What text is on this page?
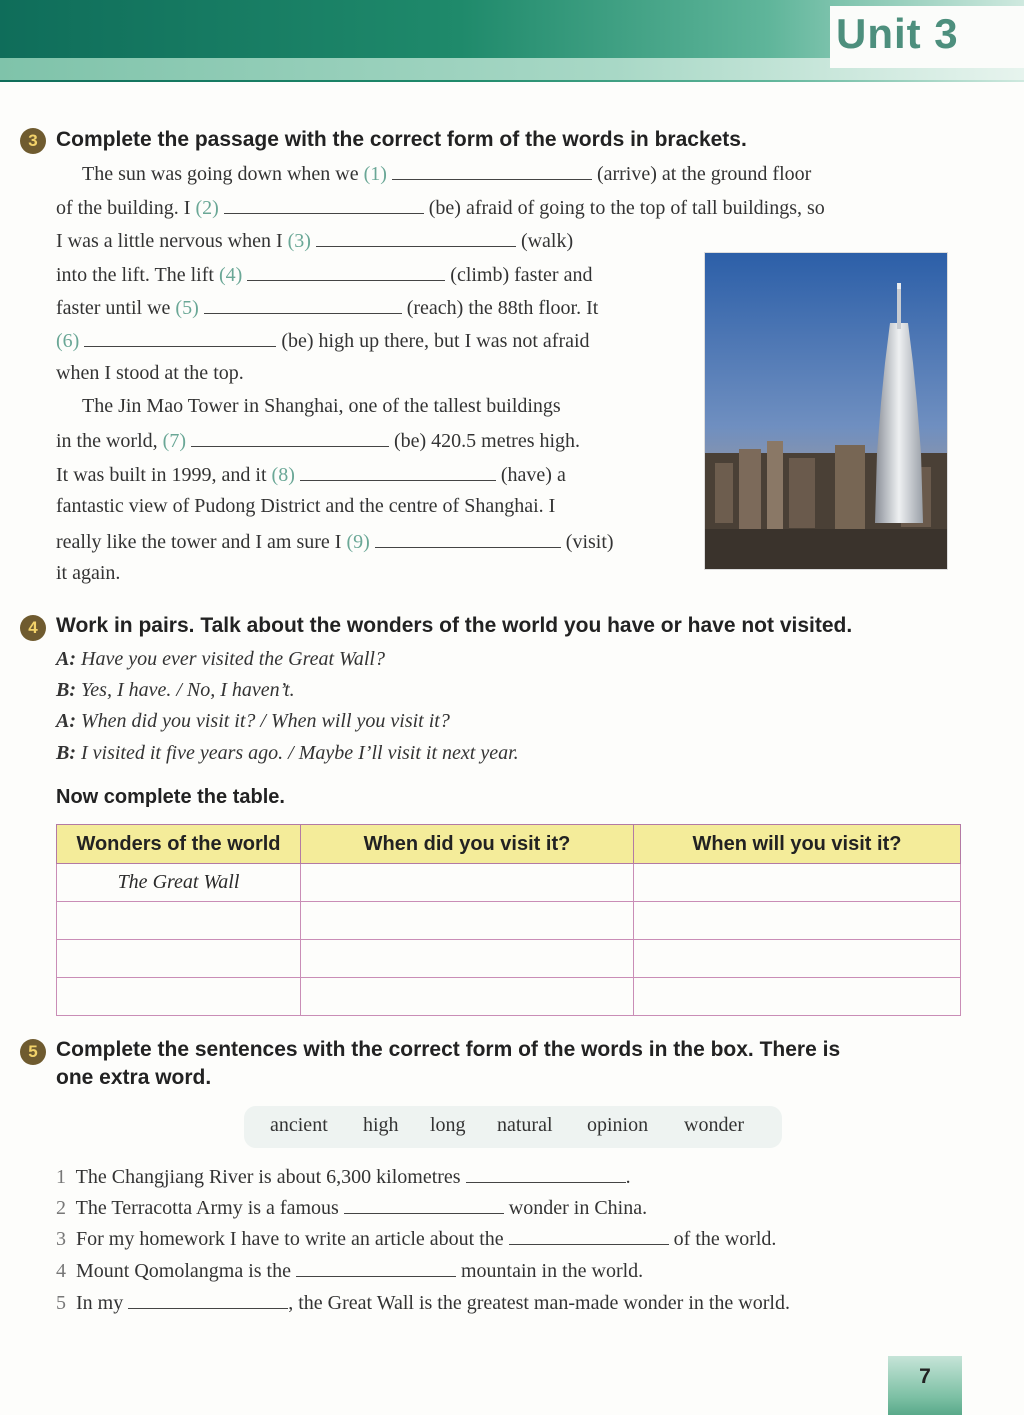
Unit 3
3 Complete the passage with the correct form of the words in brackets.
The sun was going down when we (1)	(arrive) at the ground floor
of the building. I (2)	(be) afraid of going to the top of tall buildings, so
I was a little nervous when I (3)	(walk)
into the lift. The lift (4)	(climb) faster and
faster until we (5)	(reach) the 88th floor. It
(6)	(be) high up there, but I was not afraid
when I stood at the top.
The Jin Mao Tower in Shanghai, one of the tallest buildings
in the world, (7)	(be) 420.5 metres high.
It was built in 1999, and it (8)	(have) a
fantastic view of Pudong District and the centre of Shanghai. I
really like the tower and I am sure I (9)	(visit)
it again.
4 Work in pairs. Talk about the wonders of the world you have or have not visited.
A: Have you ever visited the Great Wall?
B: Yes, I have. / No, I haven’t.
A: When did you visit it? / When will you visit it?
B: I visited it five years ago. / Maybe I’ll visit it next year.
Now complete the table.
Wonders of the world	When did you visit it?	When will you visit it?
The Great Wall		

5 Complete the sentences with the correct form of the words in the box. There is
one extra word.
ancient high long natural opinion wonder
1 The Changjiang River is about 6,300 kilometres	.
2 The Terracotta Army is a famous	wonder in China.
3 For my homework I have to write an article about the	of the world.
4 Mount Qomolangma is the	mountain in the world.
5 In my	, the Great Wall is the greatest man-made wonder in the world.
7
